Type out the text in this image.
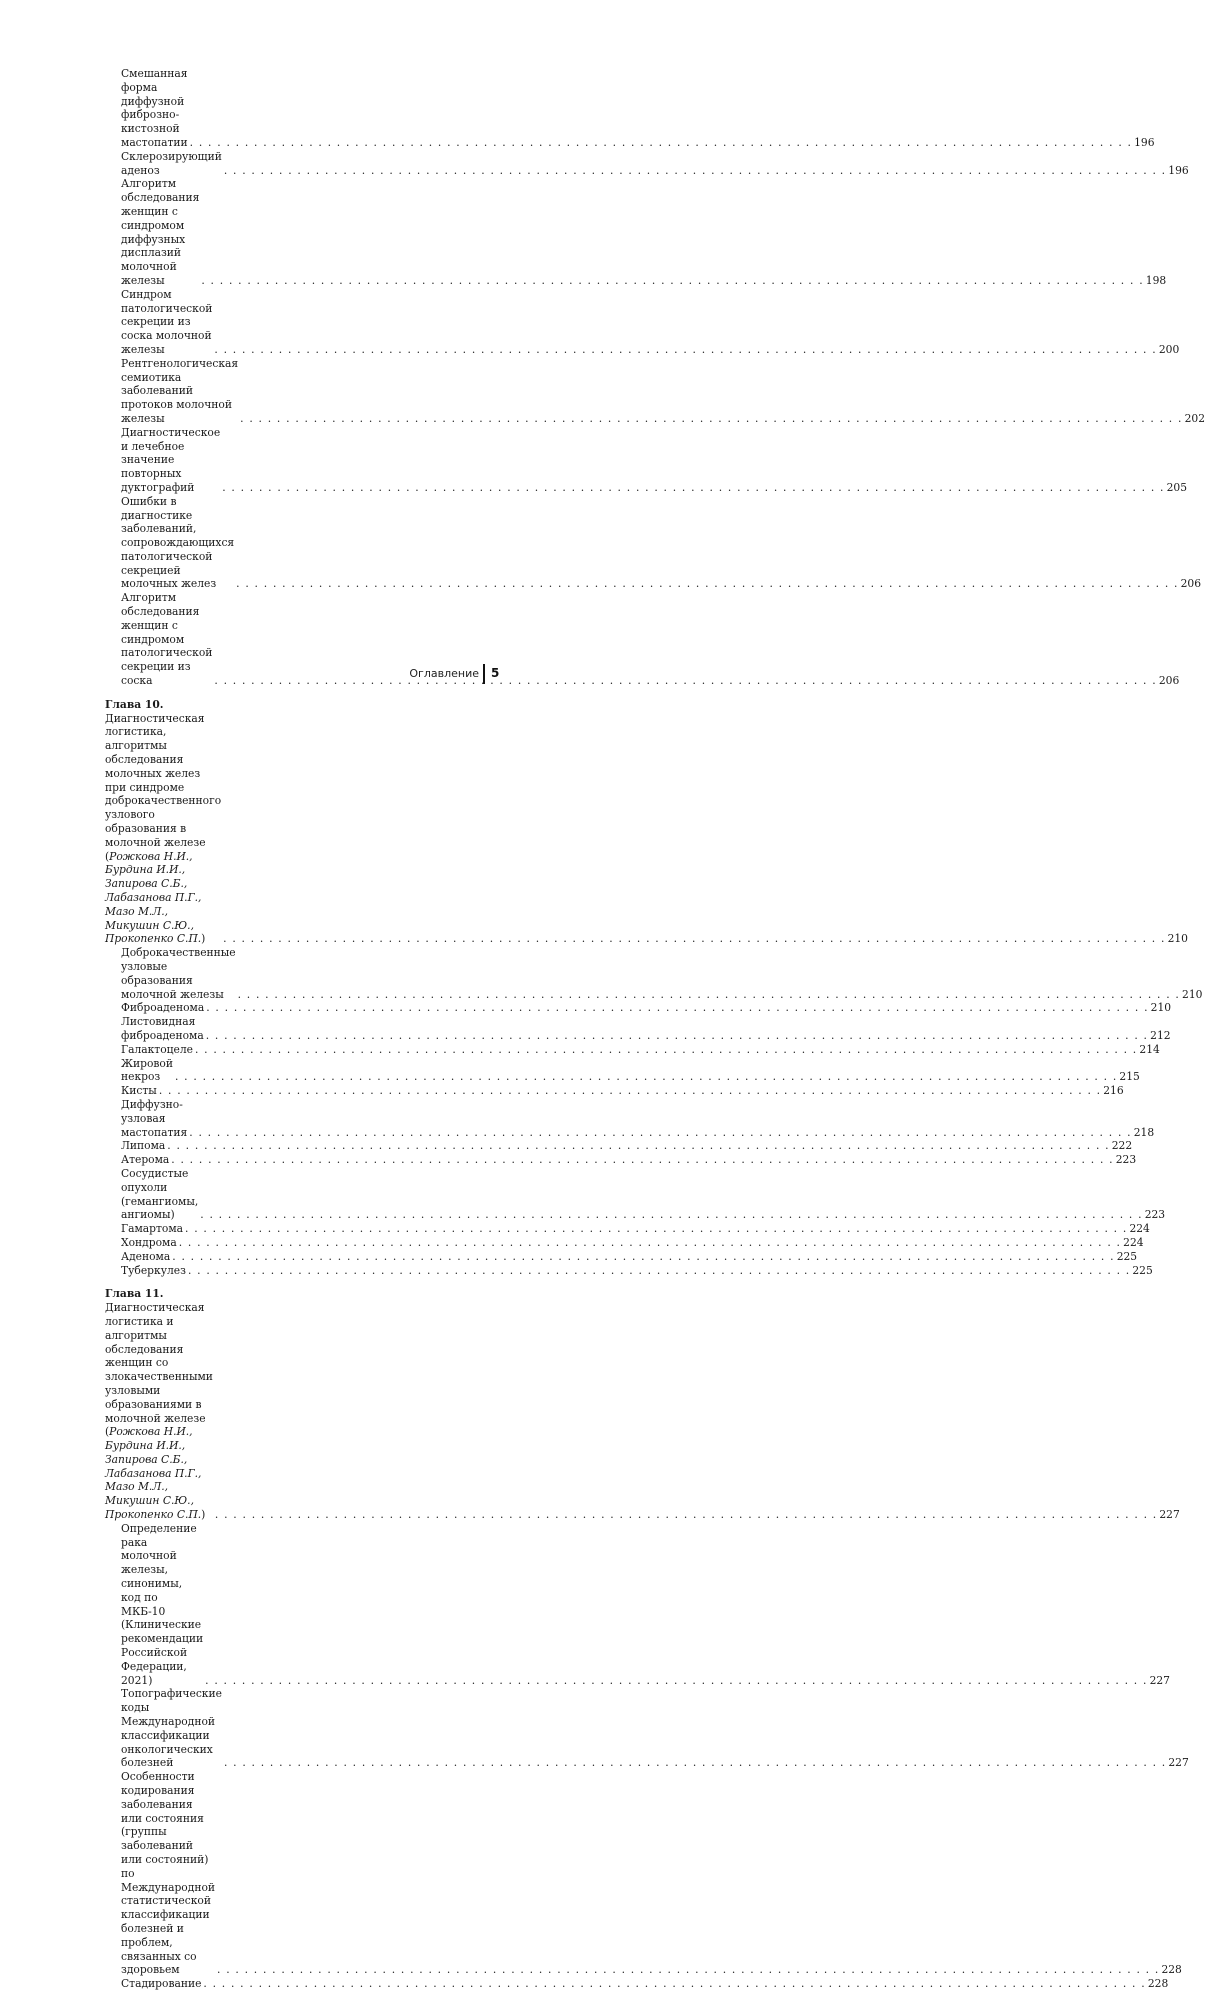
Смешанная форма диффузной фиброзно-кистозной мастопатии . . .	196
Склерозирующий аденоз . . .	196
Алгоритм обследования женщин с синдромом диффузных дисплазий молочной железы . . .	198
Синдром патологической секреции из соска молочной железы . . .	200
Рентгенологическая семиотика заболеваний протоков молочной железы . . .	202
Диагностическое и лечебное значение повторных дуктографий . . .	205
Ошибки в диагностике заболеваний, сопровождающихся патологической секрецией молочных желез . . .	206
Алгоритм обследования женщин с синдромом патологической секреции из соска . . .	206
Глава 10. Диагностическая логистика, алгоритмы обследования молочных желез при синдроме доброкачественного узлового образования в молочной железе (Рожкова Н.И., Бурдина И.И., Запирова С.Б., Лабазанова П.Г., Мазо М.Л., Микушин С.Ю., Прокопенко С.П.) . . .	210
Доброкачественные узловые образования молочной железы . . .	210
Фиброаденома . . .	210
Листовидная фиброаденома . . .	212
Галактоцеле . . .	214
Жировой некроз . . .	215
Кисты . . .	216
Диффузно-узловая мастопатия . . .	218
Липома . . .	222
Атерома . . .	223
Сосудистые опухоли (гемангиомы, ангиомы) . . .	223
Гамартома . . .	224
Хондрома . . .	224
Аденома . . .	225
Туберкулез . . .	225
Глава 11. Диагностическая логистика и алгоритмы обследования женщин со злокачественными узловыми образованиями в молочной железе (Рожкова Н.И., Бурдина И.И., Запирова С.Б., Лабазанова П.Г., Мазо М.Л., Микушин С.Ю., Прокопенко С.П.) . . .	227
Определение рака молочной железы, синонимы, код по МКБ-10 (Клинические рекомендации Российской Федерации, 2021) . . .	227
Топографические коды Международной классификации онкологических болезней . . .	227
Особенности кодирования заболевания или состояния (группы заболеваний или состояний) по Международной статистической классификации болезней и проблем, связанных со здоровьем . . .	228
Стадирование . . .	228
Оглавление 5
